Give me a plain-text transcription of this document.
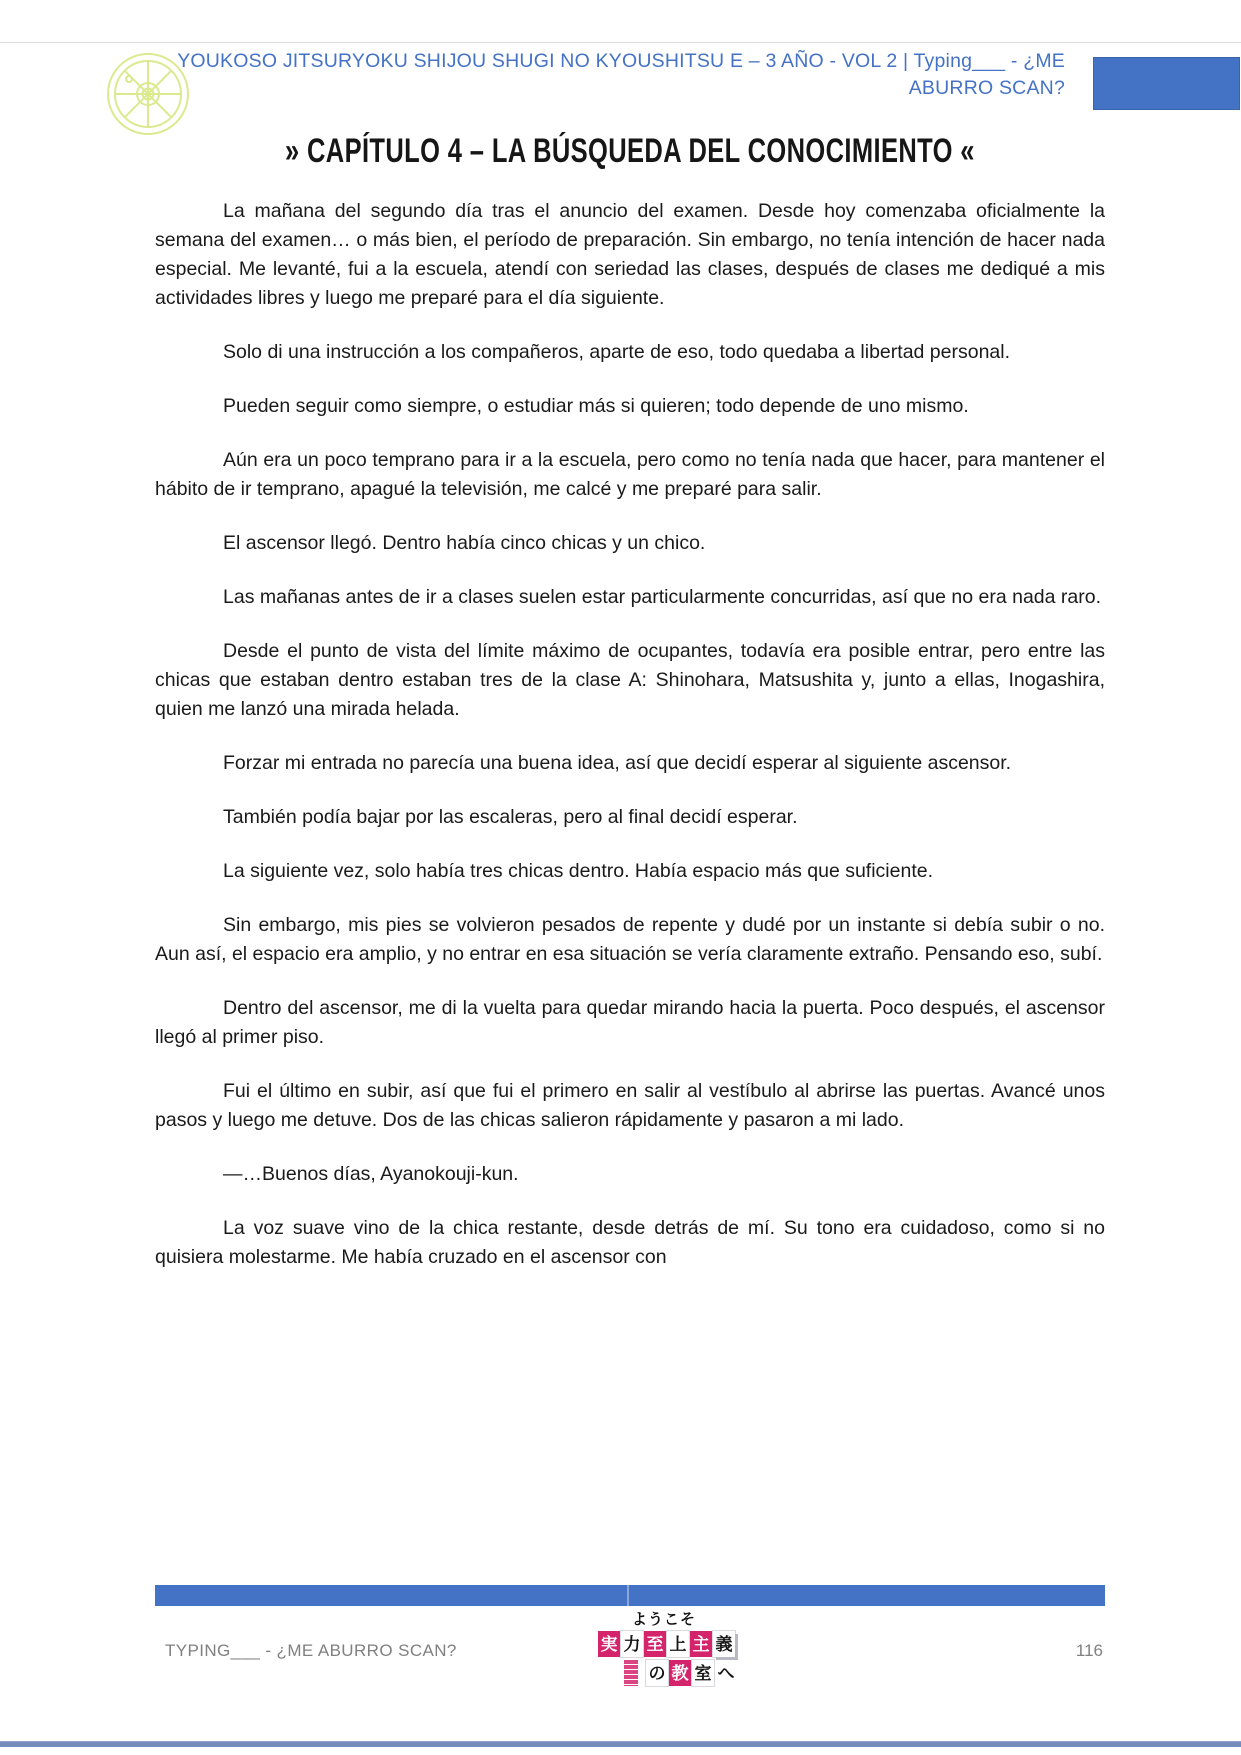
YOUKOSO JITSURYOKU SHIJOU SHUGI NO KYOUSHITSU E – 3 AÑO - VOL 2 | Typing___ - ¿ME ABURRO SCAN?
» CAPÍTULO 4 – LA BÚSQUEDA DEL CONOCIMIENTO «

La mañana del segundo día tras el anuncio del examen. Desde hoy comenzaba oficialmente la semana del examen… o más bien, el período de preparación. Sin embargo, no tenía intención de hacer nada especial. Me levanté, fui a la escuela, atendí con seriedad las clases, después de clases me dediqué a mis actividades libres y luego me preparé para el día siguiente.

Solo di una instrucción a los compañeros, aparte de eso, todo quedaba a libertad personal.

Pueden seguir como siempre, o estudiar más si quieren; todo depende de uno mismo.

Aún era un poco temprano para ir a la escuela, pero como no tenía nada que hacer, para mantener el hábito de ir temprano, apagué la televisión, me calcé y me preparé para salir.

El ascensor llegó. Dentro había cinco chicas y un chico.

Las mañanas antes de ir a clases suelen estar particularmente concurridas, así que no era nada raro.

Desde el punto de vista del límite máximo de ocupantes, todavía era posible entrar, pero entre las chicas que estaban dentro estaban tres de la clase A: Shinohara, Matsushita y, junto a ellas, Inogashira, quien me lanzó una mirada helada.

Forzar mi entrada no parecía una buena idea, así que decidí esperar al siguiente ascensor.

También podía bajar por las escaleras, pero al final decidí esperar.

La siguiente vez, solo había tres chicas dentro. Había espacio más que suficiente.

Sin embargo, mis pies se volvieron pesados de repente y dudé por un instante si debía subir o no. Aun así, el espacio era amplio, y no entrar en esa situación se vería claramente extraño. Pensando eso, subí.

Dentro del ascensor, me di la vuelta para quedar mirando hacia la puerta. Poco después, el ascensor llegó al primer piso.

Fui el último en subir, así que fui el primero en salir al vestíbulo al abrirse las puertas. Avancé unos pasos y luego me detuve. Dos de las chicas salieron rápidamente y pasaron a mi lado.

—…Buenos días, Ayanokouji-kun.

La voz suave vino de la chica restante, desde detrás de mí. Su tono era cuidadoso, como si no quisiera molestarme. Me había cruzado en el ascensor con

TYPING___ - ¿ME ABURRO SCAN?
ようこそ
実 力 至 上 主 義
の 教 室 へ
116
